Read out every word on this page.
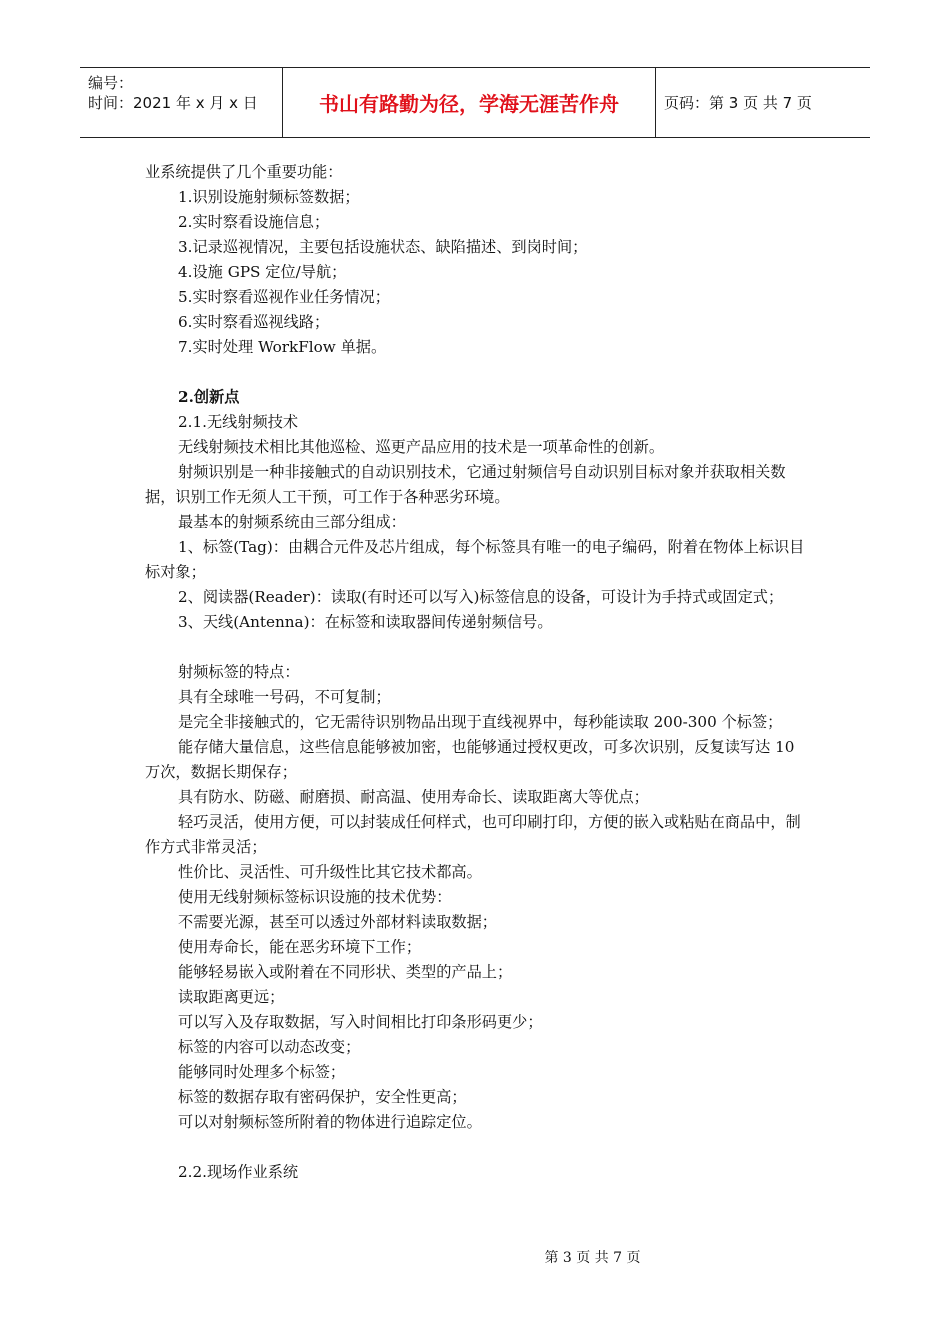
编号：
时间：2021 年 x 月 x 日	书山有路勤为径，学海无涯苦作舟	页码：第 3 页 共 7 页

业系统提供了几个重要功能：

1.识别设施射频标签数据；

2.实时察看设施信息；

3.记录巡视情况，主要包括设施状态、缺陷描述、到岗时间；

4.设施 GPS 定位/导航；

5.实时察看巡视作业任务情况；

6.实时察看巡视线路；

7.实时处理 WorkFlow 单据。

2.创新点

2.1.无线射频技术

无线射频技术相比其他巡检、巡更产品应用的技术是一项革命性的创新。

射频识别是一种非接触式的自动识别技术，它通过射频信号自动识别目标对象并获取相关数据，识别工作无须人工干预，可工作于各种恶劣环境。

最基本的射频系统由三部分组成：

1、标签(Tag)：由耦合元件及芯片组成，每个标签具有唯一的电子编码，附着在物体上标识目标对象；

2、阅读器(Reader)：读取(有时还可以写入)标签信息的设备，可设计为手持式或固定式；

3、天线(Antenna)：在标签和读取器间传递射频信号。

射频标签的特点：

具有全球唯一号码，不可复制；

是完全非接触式的，它无需待识别物品出现于直线视界中，每秒能读取 200-300 个标签；

能存储大量信息，这些信息能够被加密，也能够通过授权更改，可多次识别，反复读写达 10 万次，数据长期保存；

具有防水、防磁、耐磨损、耐高温、使用寿命长、读取距离大等优点；

轻巧灵活，使用方便，可以封装成任何样式，也可印刷打印，方便的嵌入或粘贴在商品中，制作方式非常灵活；

性价比、灵活性、可升级性比其它技术都高。

使用无线射频标签标识设施的技术优势：

不需要光源，甚至可以透过外部材料读取数据；

使用寿命长，能在恶劣环境下工作；

能够轻易嵌入或附着在不同形状、类型的产品上；

读取距离更远；

可以写入及存取数据，写入时间相比打印条形码更少；

标签的内容可以动态改变；

能够同时处理多个标签；

标签的数据存取有密码保护，安全性更高；

可以对射频标签所附着的物体进行追踪定位。

2.2.现场作业系统

第 3 页 共 7 页
